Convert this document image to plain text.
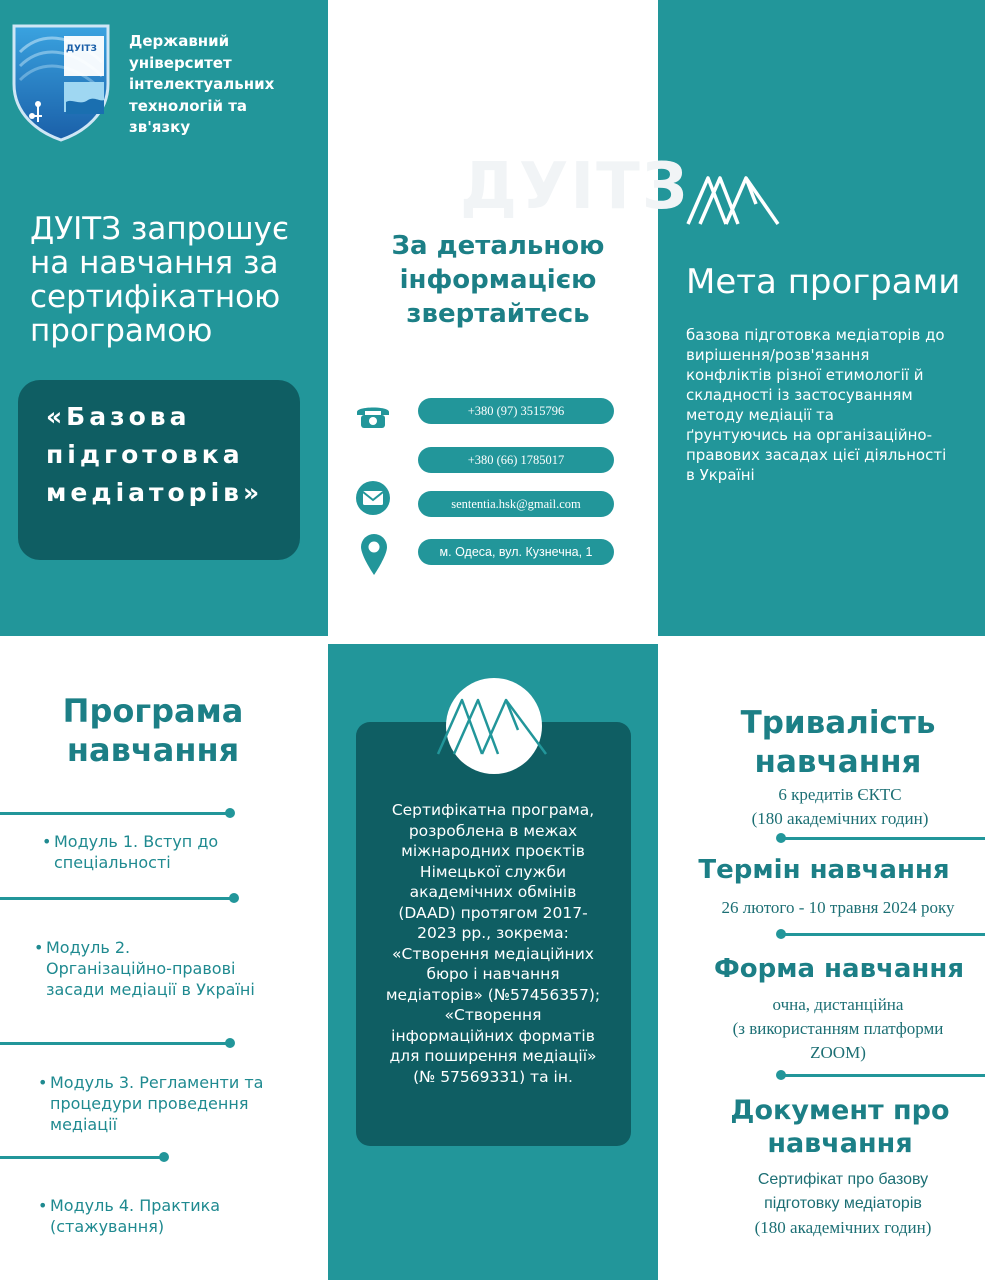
ДУІТЗ Державний
університет
інтелектуальних
технологій та
зв'язку
ДУІТЗ запрошує
на навчання за
сертифікатною
програмою
«Базова
підготовка
медіаторів»
ДУІТЗ
За детальною
інформацією
звертайтесь
+380 (97) 3515796
+380 (66) 1785017
sententia.hsk@gmail.com
м. Одеса, вул. Кузнечна, 1
Мета програми
базова підготовка медіаторів до
вирішення/розв'язання
конфліктів різної етимології й
складності із застосуванням
методу медіації та
ґрунтуючись на організаційно-
правових засадах цієї діяльності
в Україні
Програма
навчання
• Модуль 1. Вступ до
спеціальності
• Модуль 2.
Організаційно-правові
засади медіації в Україні
• Модуль 3. Регламенти та
процедури проведення
медіації
• Модуль 4. Практика
(стажування)
Сертифікатна програма,
розроблена в межах
міжнародних проєктів
Німецької служби
академічних обмінів
(DAAD) протягом 2017-
2023 рр., зокрема:
«Створення медіаційних
бюро і навчання
медіаторів» (№57456357);
«Створення
інформаційних форматів
для поширення медіації»
(№ 57569331) та ін.
Тривалість
навчання
6 кредитів ЄКТС
(180 академічних годин)
Термін навчання
26 лютого - 10 травня 2024 року
Форма навчання
очна, дистанційна
(з використанням платформи
ZOOM)
Документ про
навчання
Сертифікат про базову
підготовку медіаторів
(180 академічних годин)
